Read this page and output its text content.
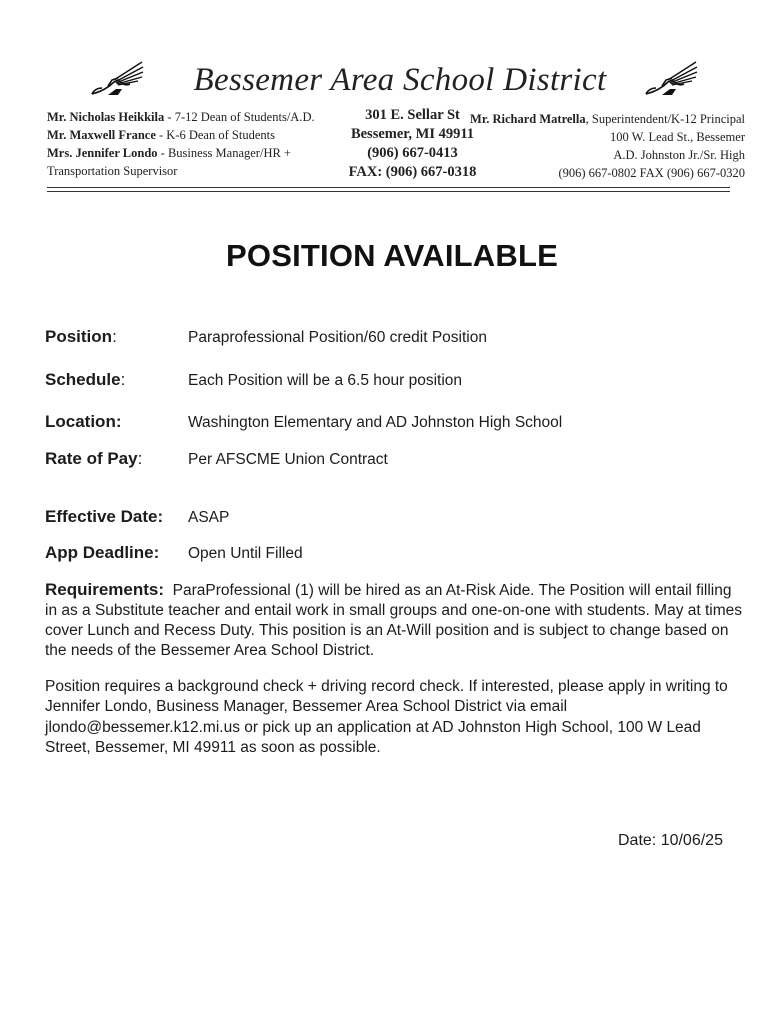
Bessemer Area School District
Mr. Nicholas Heikkila - 7-12 Dean of Students/A.D.
Mr. Maxwell France - K-6 Dean of Students
Mrs. Jennifer Londo - Business Manager/HR +
Transportation Supervisor
301 E. Sellar St
Bessemer, MI 49911
(906) 667-0413
FAX: (906) 667-0318
Mr. Richard Matrella, Superintendent/K-12 Principal
100 W. Lead St., Bessemer
A.D. Johnston Jr./Sr. High
(906) 667-0802 FAX (906) 667-0320
POSITION AVAILABLE
Position:	Paraprofessional Position/60 credit Position
Schedule:	Each Position will be a 6.5 hour position
Location:	Washington Elementary and AD Johnston High School
Rate of Pay:	Per AFSCME Union Contract
Effective Date: ASAP
App Deadline: Open Until Filled
Requirements: ParaProfessional (1) will be hired as an At-Risk Aide. The Position will entail filling in as a Substitute teacher and entail work in small groups and one-on-one with students. May at times cover Lunch and Recess Duty. This position is an At-Will position and is subject to change based on the needs of the Bessemer Area School District.
Position requires a background check + driving record check. If interested, please apply in writing to Jennifer Londo, Business Manager, Bessemer Area School District via email jlondo@bessemer.k12.mi.us or pick up an application at AD Johnston High School, 100 W Lead Street, Bessemer, MI 49911 as soon as possible.
Date: 10/06/25
